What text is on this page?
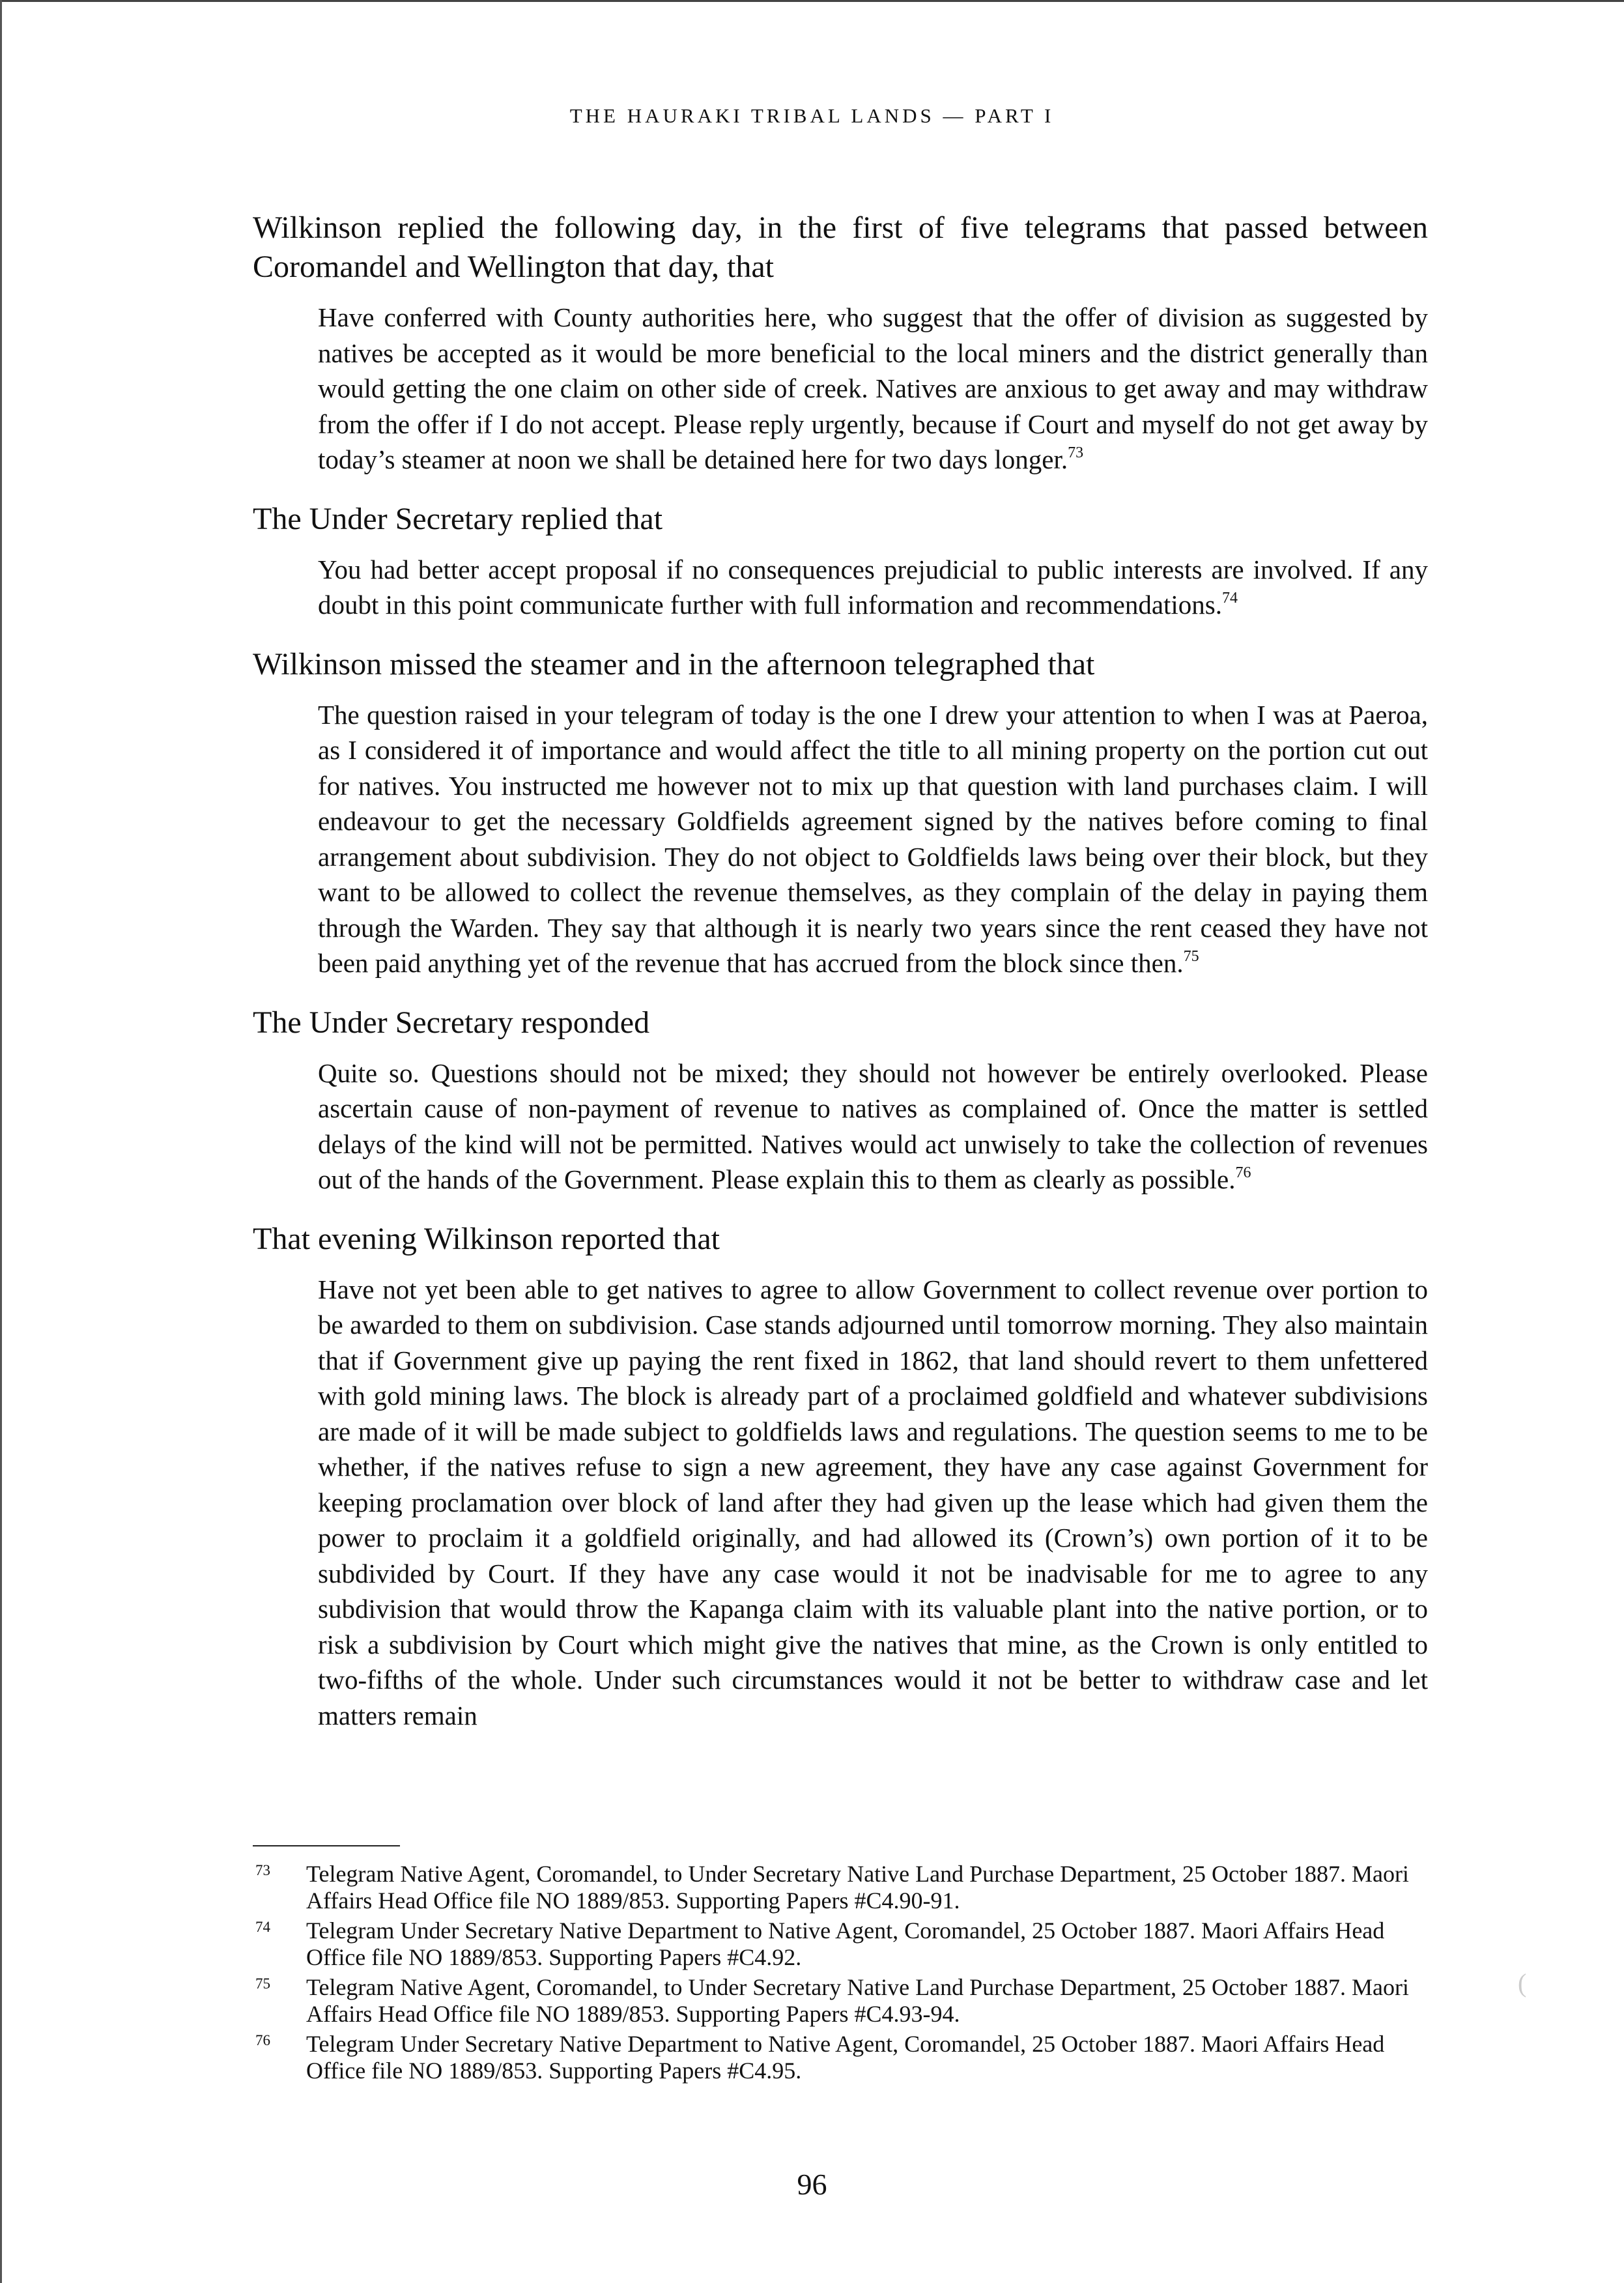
THE HAURAKI TRIBAL LANDS — PART I

Wilkinson replied the following day, in the first of five telegrams that passed between Coromandel and Wellington that day, that

Have conferred with County authorities here, who suggest that the offer of division as suggested by natives be accepted as it would be more beneficial to the local miners and the district generally than would getting the one claim on other side of creek. Natives are anxious to get away and may withdraw from the offer if I do not accept. Please reply urgently, because if Court and myself do not get away by today’s steamer at noon we shall be detained here for two days longer.$^{73}$

The Under Secretary replied that

You had better accept proposal if no consequences prejudicial to public interests are involved. If any doubt in this point communicate further with full information and recommendations.$^{74}$

Wilkinson missed the steamer and in the afternoon telegraphed that

The question raised in your telegram of today is the one I drew your attention to when I was at Paeroa, as I considered it of importance and would affect the title to all mining property on the portion cut out for natives. You instructed me however not to mix up that question with land purchases claim. I will endeavour to get the necessary Goldfields agreement signed by the natives before coming to final arrangement about subdivision. They do not object to Goldfields laws being over their block, but they want to be allowed to collect the revenue themselves, as they complain of the delay in paying them through the Warden. They say that although it is nearly two years since the rent ceased they have not been paid anything yet of the revenue that has accrued from the block since then.$^{75}$

The Under Secretary responded

Quite so. Questions should not be mixed; they should not however be entirely overlooked. Please ascertain cause of non-payment of revenue to natives as complained of. Once the matter is settled delays of the kind will not be permitted. Natives would act unwisely to take the collection of revenues out of the hands of the Government. Please explain this to them as clearly as possible.$^{76}$

That evening Wilkinson reported that

Have not yet been able to get natives to agree to allow Government to collect revenue over portion to be awarded to them on subdivision. Case stands adjourned until tomorrow morning. They also maintain that if Government give up paying the rent fixed in 1862, that land should revert to them unfettered with gold mining laws. The block is already part of a proclaimed goldfield and whatever subdivisions are made of it will be made subject to goldfields laws and regulations. The question seems to me to be whether, if the natives refuse to sign a new agreement, they have any case against Government for keeping proclamation over block of land after they had given up the lease which had given them the power to proclaim it a goldfield originally, and had allowed its (Crown’s) own portion of it to be subdivided by Court. If they have any case would it not be inadvisable for me to agree to any subdivision that would throw the Kapanga claim with its valuable plant into the native portion, or to risk a subdivision by Court which might give the natives that mine, as the Crown is only entitled to two-fifths of the whole. Under such circumstances would it not be better to withdraw case and let matters remain
73	Telegram Native Agent, Coromandel, to Under Secretary Native Land Purchase Department, 25 October 1887. Maori Affairs Head Office file NO 1889/853. Supporting Papers #C4.90-91.
74	Telegram Under Secretary Native Department to Native Agent, Coromandel, 25 October 1887. Maori Affairs Head Office file NO 1889/853. Supporting Papers #C4.92.
75	Telegram Native Agent, Coromandel, to Under Secretary Native Land Purchase Department, 25 October 1887. Maori Affairs Head Office file NO 1889/853. Supporting Papers #C4.93-94.
76	Telegram Under Secretary Native Department to Native Agent, Coromandel, 25 October 1887. Maori Affairs Head Office file NO 1889/853. Supporting Papers #C4.95.
96
(
